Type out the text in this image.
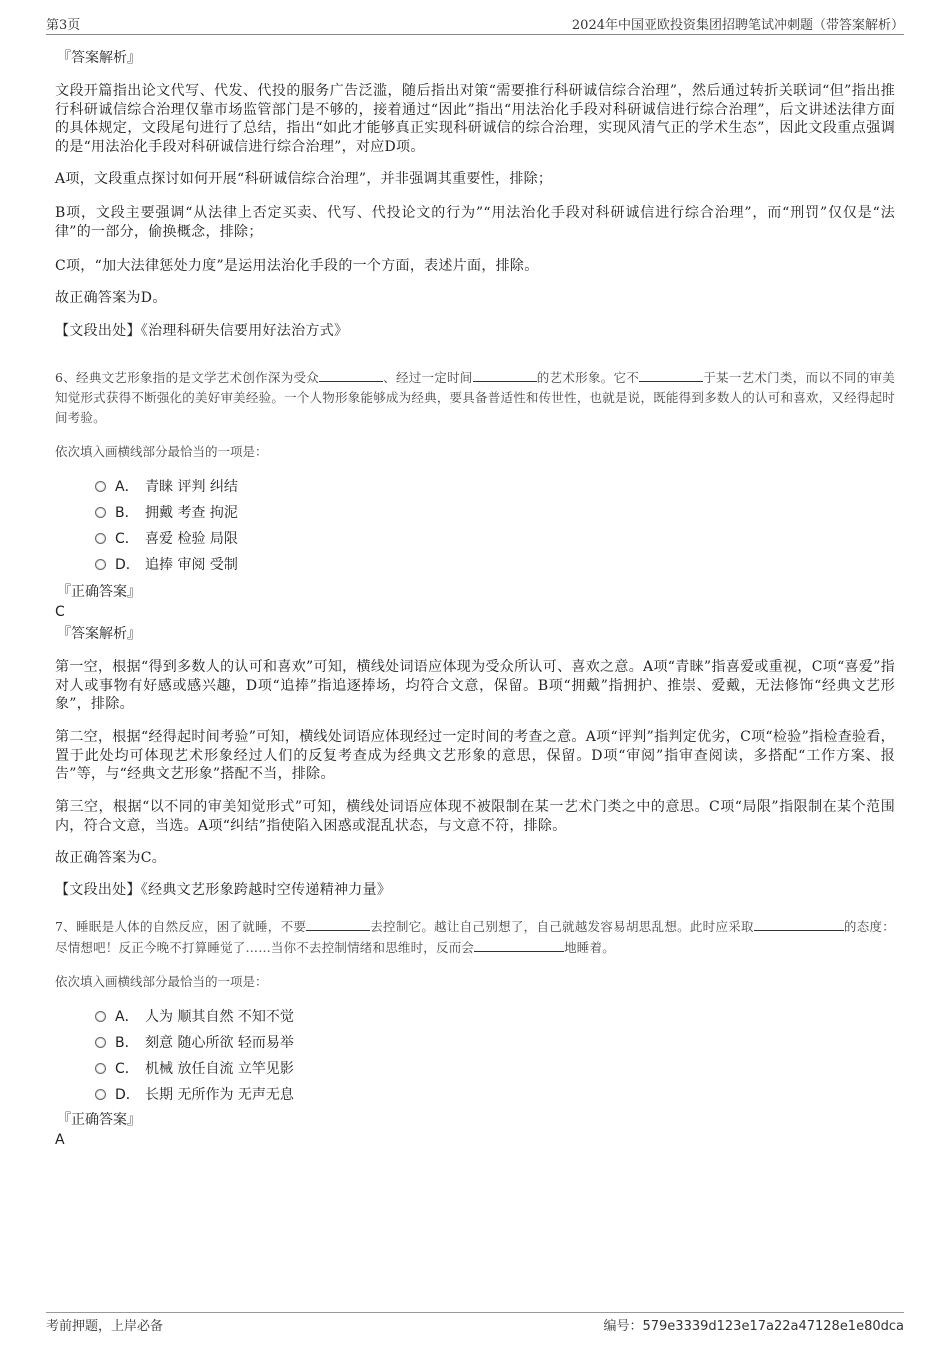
第3页	2024年中国亚欧投资集团招聘笔试冲刺题（带答案解析）
『答案解析』

文段开篇指出论文代写、代发、代投的服务广告泛滥，随后指出对策“需要推行科研诚信综合治理”，然后通过转折关联词“但”指出推行科研诚信综合治理仅靠市场监管部门是不够的，接着通过“因此”指出“用法治化手段对科研诚信进行综合治理”，后文讲述法律方面的具体规定，文段尾句进行了总结，指出“如此才能够真正实现科研诚信的综合治理，实现风清气正的学术生态”，因此文段重点强调的是“用法治化手段对科研诚信进行综合治理”，对应D项。

A项，文段重点探讨如何开展“科研诚信综合治理”，并非强调其重要性，排除；

B项，文段主要强调“从法律上否定买卖、代写、代投论文的行为”“用法治化手段对科研诚信进行综合治理”，而“刑罚”仅仅是“法律”的一部分，偷换概念，排除；

C项，“加大法律惩处力度”是运用法治化手段的一个方面，表述片面，排除。

故正确答案为D。

【文段出处】《治理科研失信要用好法治方式》

6、经典文艺形象指的是文学艺术创作深为受众	、经过一定时间	的艺术形象。它不	于某一艺术门类，而以不同的审美知觉形式获得不断强化的美好审美经验。一个人物形象能够成为经典，要具备普适性和传世性，也就是说，既能得到多数人的认可和喜欢，又经得起时间考验。
依次填入画横线部分最恰当的一项是：
A． 青睐 评判 纠结
B． 拥戴 考查 拘泥
C． 喜爱 检验 局限
D． 追捧 审阅 受制
『正确答案』
C
『答案解析』

第一空，根据“得到多数人的认可和喜欢”可知，横线处词语应体现为受众所认可、喜欢之意。A项“青睐”指喜爱或重视，C项“喜爱”指对人或事物有好感或感兴趣，D项“追捧”指追逐捧场，均符合文意，保留。B项“拥戴”指拥护、推崇、爱戴，无法修饰“经典文艺形象”，排除。

第二空，根据“经得起时间考验”可知，横线处词语应体现经过一定时间的考查之意。A项“评判”指判定优劣，C项“检验”指检查验看，置于此处均可体现艺术形象经过人们的反复考查成为经典文艺形象的意思，保留。D项“审阅”指审查阅读，多搭配“工作方案、报告”等，与“经典文艺形象”搭配不当，排除。

第三空，根据“以不同的审美知觉形式”可知，横线处词语应体现不被限制在某一艺术门类之中的意思。C项“局限”指限制在某个范围内，符合文意，当选。A项“纠结”指使陷入困惑或混乱状态，与文意不符，排除。

故正确答案为C。

【文段出处】《经典文艺形象跨越时空传递精神力量》

7、睡眠是人体的自然反应，困了就睡，不要	去控制它。越让自己别想了，自己就越发容易胡思乱想。此时应采取	的态度：尽情想吧！反正今晚不打算睡觉了……当你不去控制情绪和思维时，反而会	地睡着。
依次填入画横线部分最恰当的一项是：
A． 人为 顺其自然 不知不觉
B． 刻意 随心所欲 轻而易举
C． 机械 放任自流 立竿见影
D． 长期 无所作为 无声无息
『正确答案』
A
考前押题，上岸必备	编号：579e3339d123e17a22a47128e1e80dca
